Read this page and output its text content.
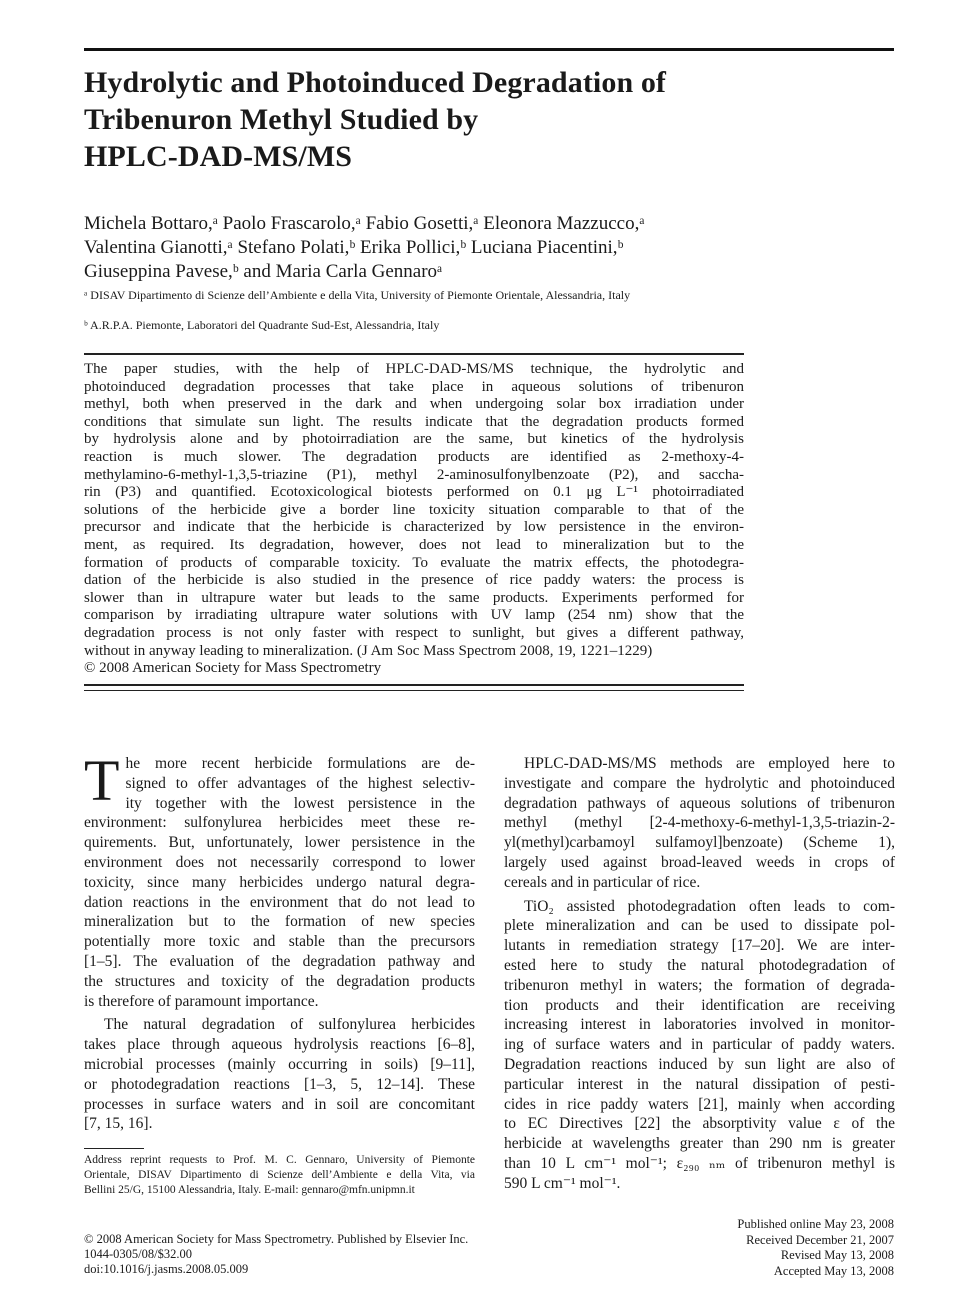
Hydrolytic and Photoinduced Degradation of
Tribenuron Methyl Studied by
HPLC-DAD-MS/MS
Michela Bottaro,ᵃ Paolo Frascarolo,ᵃ Fabio Gosetti,ᵃ Eleonora Mazzucco,ᵃ
Valentina Gianotti,ᵃ Stefano Polati,ᵇ Erika Pollici,ᵇ Luciana Piacentini,ᵇ
Giuseppina Pavese,ᵇ and Maria Carla Gennaroᵃ
ᵃ DISAV Dipartimento di Scienze dell’Ambiente e della Vita, University of Piemonte Orientale, Alessandria, Italy
ᵇ A.R.P.A. Piemonte, Laboratori del Quadrante Sud-Est, Alessandria, Italy
The paper studies, with the help of HPLC-DAD-MS/MS technique, the hydrolytic and
photoinduced degradation processes that take place in aqueous solutions of tribenuron
methyl, both when preserved in the dark and when undergoing solar box irradiation under
conditions that simulate sun light. The results indicate that the degradation products formed
by hydrolysis alone and by photoirradiation are the same, but kinetics of the hydrolysis
reaction is much slower. The degradation products are identified as 2-methoxy-4-
methylamino-6-methyl-1,3,5-triazine (P1), methyl 2-aminosulfonylbenzoate (P2), and saccha-
rin (P3) and quantified. Ecotoxicological biotests performed on 0.1 μg L⁻¹ photoirradiated
solutions of the herbicide give a border line toxicity situation comparable to that of the
precursor and indicate that the herbicide is characterized by low persistence in the environ-
ment, as required. Its degradation, however, does not lead to mineralization but to the
formation of products of comparable toxicity. To evaluate the matrix effects, the photodegra-
dation of the herbicide is also studied in the presence of rice paddy waters: the process is
slower than in ultrapure water but leads to the same products. Experiments performed for
comparison by irradiating ultrapure water solutions with UV lamp (254 nm) show that the
degradation process is not only faster with respect to sunlight, but gives a different pathway,
without in anyway leading to mineralization. (J Am Soc Mass Spectrom 2008, 19, 1221–1229)
© 2008 American Society for Mass Spectrometry
T he more recent herbicide formulations are de-
signed to offer advantages of the highest selectiv-
ity together with the lowest persistence in the
environment: sulfonylurea herbicides meet these re-
quirements. But, unfortunately, lower persistence in the
environment does not necessarily correspond to lower
toxicity, since many herbicides undergo natural degra-
dation reactions in the environment that do not lead to
mineralization but to the formation of new species
potentially more toxic and stable than the precursors
[1–5]. The evaluation of the degradation pathway and
the structures and toxicity of the degradation products
is therefore of paramount importance.
The natural degradation of sulfonylurea herbicides
takes place through aqueous hydrolysis reactions [6–8],
microbial processes (mainly occurring in soils) [9–11],
or photodegradation reactions [1–3, 5, 12–14]. These
processes in surface waters and in soil are concomitant
[7, 15, 16].
HPLC-DAD-MS/MS methods are employed here to
investigate and compare the hydrolytic and photoinduced
degradation pathways of aqueous solutions of tribenuron
methyl (methyl [2-4-methoxy-6-methyl-1,3,5-triazin-2-
yl(methyl)carbamoyl sulfamoyl]benzoate) (Scheme 1),
largely used against broad-leaved weeds in crops of
cereals and in particular of rice.
TiO₂ assisted photodegradation often leads to com-
plete mineralization and can be used to dissipate pol-
lutants in remediation strategy [17–20]. We are inter-
ested here to study the natural photodegradation of
tribenuron methyl in waters; the formation of degrada-
tion products and their identification are receiving
increasing interest in laboratories involved in monitor-
ing of surface waters and in particular of paddy waters.
Degradation reactions induced by sun light are also of
particular interest in the natural dissipation of pesti-
cides in rice paddy waters [21], mainly when according
to EC Directives [22] the absorptivity value ε of the
herbicide at wavelengths greater than 290 nm is greater
than 10 L cm⁻¹ mol⁻¹; ε₂₉₀ ₙₘ of tribenuron methyl is
590 L cm⁻¹ mol⁻¹.
Address reprint requests to Prof. M. C. Gennaro, University of Piemonte
Orientale, DISAV Dipartimento di Scienze dell’Ambiente e della Vita, via
Bellini 25/G, 15100 Alessandria, Italy. E-mail: gennaro@mfn.unipmn.it
© 2008 American Society for Mass Spectrometry. Published by Elsevier Inc.
1044-0305/08/$32.00
doi:10.1016/j.jasms.2008.05.009
Published online May 23, 2008
Received December 21, 2007
Revised May 13, 2008
Accepted May 13, 2008
